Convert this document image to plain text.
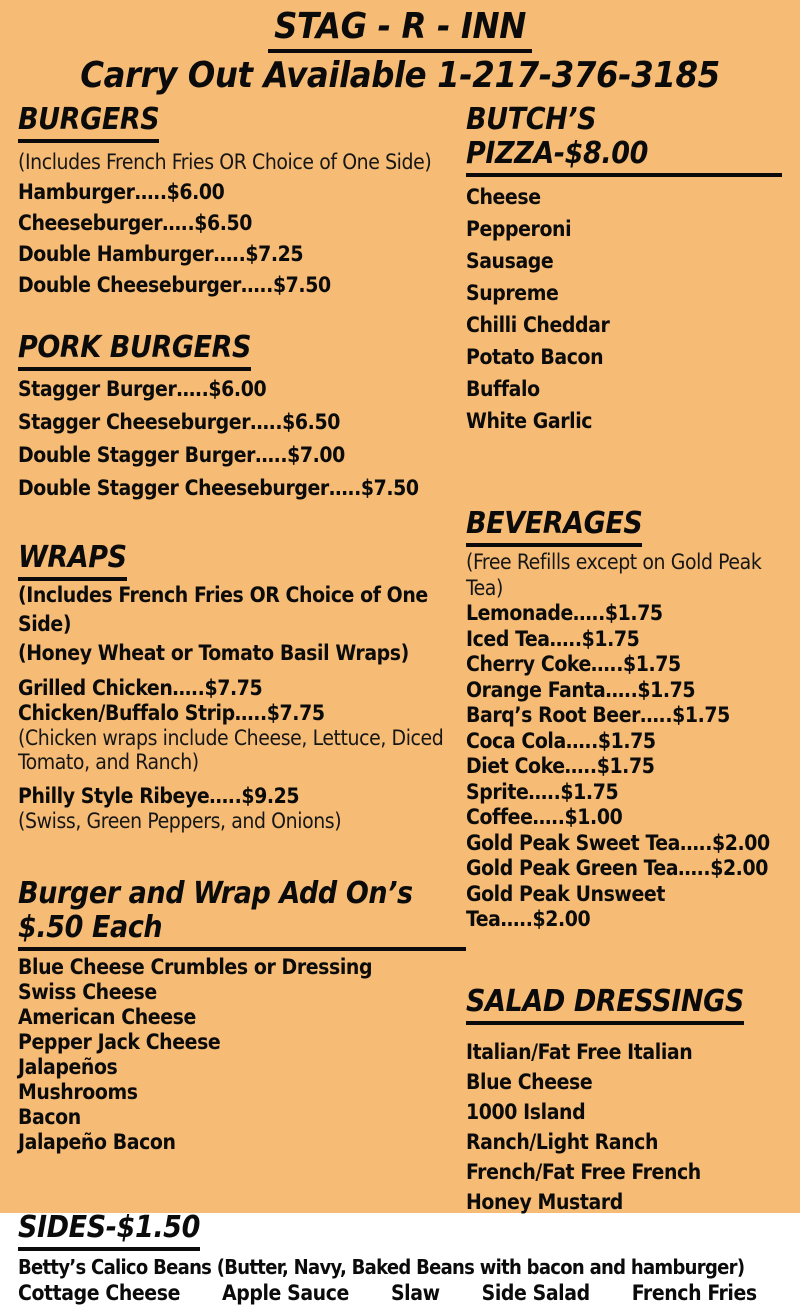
STAG - R - INN
Carry Out Available 1-217-376-3185
BURGERS
(Includes French Fries OR Choice of One Side)
Hamburger…..$6.00
Cheeseburger…..$6.50
Double Hamburger…..$7.25
Double Cheeseburger…..$7.50
PORK BURGERS
Stagger Burger…..$6.00
Stagger Cheeseburger…..$6.50
Double Stagger Burger…..$7.00
Double Stagger Cheeseburger…..$7.50
WRAPS
(Includes French Fries OR Choice of One Side)
(Honey Wheat or Tomato Basil Wraps)
Grilled Chicken…..$7.75
Chicken/Buffalo Strip…..$7.75
(Chicken wraps include Cheese, Lettuce, Diced Tomato, and Ranch)
Philly Style Ribeye…..$9.25
(Swiss, Green Peppers, and Onions)
Burger and Wrap Add On’s $.50 Each
Blue Cheese Crumbles or Dressing
Swiss Cheese
American Cheese
Pepper Jack Cheese
Jalapeños
Mushrooms
Bacon
Jalapeño Bacon
BUTCH’S PIZZA-$8.00
Cheese
Pepperoni
Sausage
Supreme
Chilli Cheddar
Potato Bacon
Buffalo
White Garlic
BEVERAGES
(Free Refills except on Gold Peak Tea)
Lemonade…..$1.75
Iced Tea…..$1.75
Cherry Coke…..$1.75
Orange Fanta…..$1.75
Barq’s Root Beer…..$1.75
Coca Cola…..$1.75
Diet Coke…..$1.75
Sprite…..$1.75
Coffee…..$1.00
Gold Peak Sweet Tea…..$2.00
Gold Peak Green Tea…..$2.00
Gold Peak Unsweet Tea…..$2.00
SALAD DRESSINGS
Italian/Fat Free Italian
Blue Cheese
1000 Island
Ranch/Light Ranch
French/Fat Free French
Honey Mustard
SIDES-$1.50
Betty’s Calico Beans (Butter, Navy, Baked Beans with bacon and hamburger)
Cottage Cheese Apple Sauce Slaw Side Salad French Fries
